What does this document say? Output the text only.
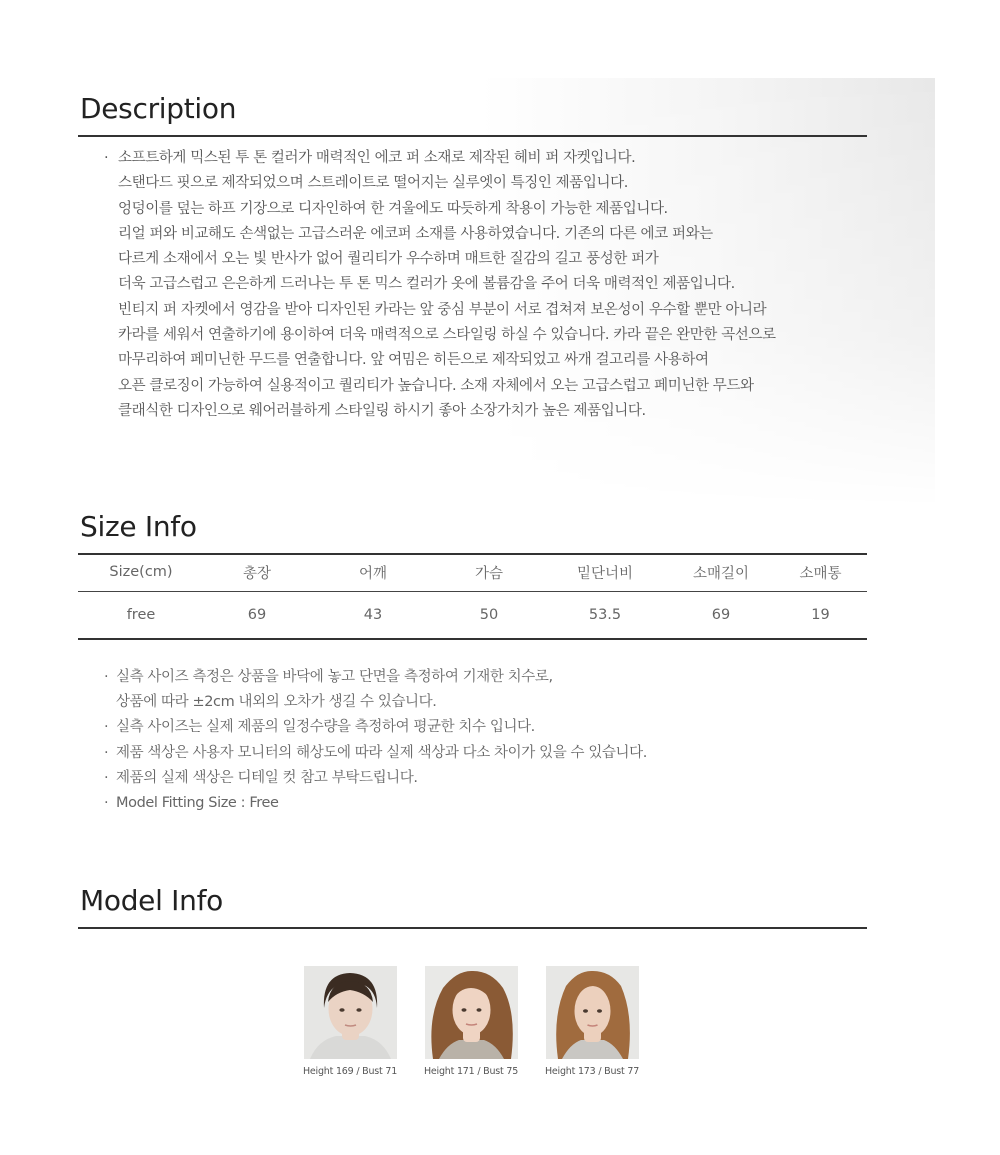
Description
· 소프트하게 믹스된 투 톤 컬러가 매력적인 에코 퍼 소재로 제작된 헤비 퍼 자켓입니다.
스탠다드 핏으로 제작되었으며 스트레이트로 떨어지는 실루엣이 특징인 제품입니다.
엉덩이를 덮는 하프 기장으로 디자인하여 한 겨울에도 따듯하게 착용이 가능한 제품입니다.
리얼 퍼와 비교해도 손색없는 고급스러운 에코퍼 소재를 사용하였습니다. 기존의 다른 에코 퍼와는
다르게 소재에서 오는 빛 반사가 없어 퀄리티가 우수하며 매트한 질감의 길고 풍성한 퍼가
더욱 고급스럽고 은은하게 드러나는 투 톤 믹스 컬러가 옷에 볼륨감을 주어 더욱 매력적인 제품입니다.
빈티지 퍼 자켓에서 영감을 받아 디자인된 카라는 앞 중심 부분이 서로 겹쳐져 보온성이 우수할 뿐만 아니라
카라를 세워서 연출하기에 용이하여 더욱 매력적으로 스타일링 하실 수 있습니다. 카라 끝은 완만한 곡선으로
마무리하여 페미닌한 무드를 연출합니다. 앞 여밈은 히든으로 제작되었고 싸개 걸고리를 사용하여
오픈 클로징이 가능하여 실용적이고 퀄리티가 높습니다. 소재 자체에서 오는 고급스럽고 페미닌한 무드와
클래식한 디자인으로 웨어러블하게 스타일링 하시기 좋아 소장가치가 높은 제품입니다.
Size Info
Size(cm)	총장	어깨	가슴	밑단너비	소매길이	소매통
free	69	43	50	53.5	69	19
· 실측 사이즈 측정은 상품을 바닥에 놓고 단면을 측정하여 기재한 치수로,
상품에 따라 ±2cm 내외의 오차가 생길 수 있습니다.
· 실측 사이즈는 실제 제품의 일정수량을 측정하여 평균한 치수 입니다.
· 제품 색상은 사용자 모니터의 해상도에 따라 실제 색상과 다소 차이가 있을 수 있습니다.
· 제품의 실제 색상은 디테일 컷 참고 부탁드립니다.
· Model Fitting Size : Free
Model Info
Height 169 / Bust 71	Height 171 / Bust 75	Height 173 / Bust 77
